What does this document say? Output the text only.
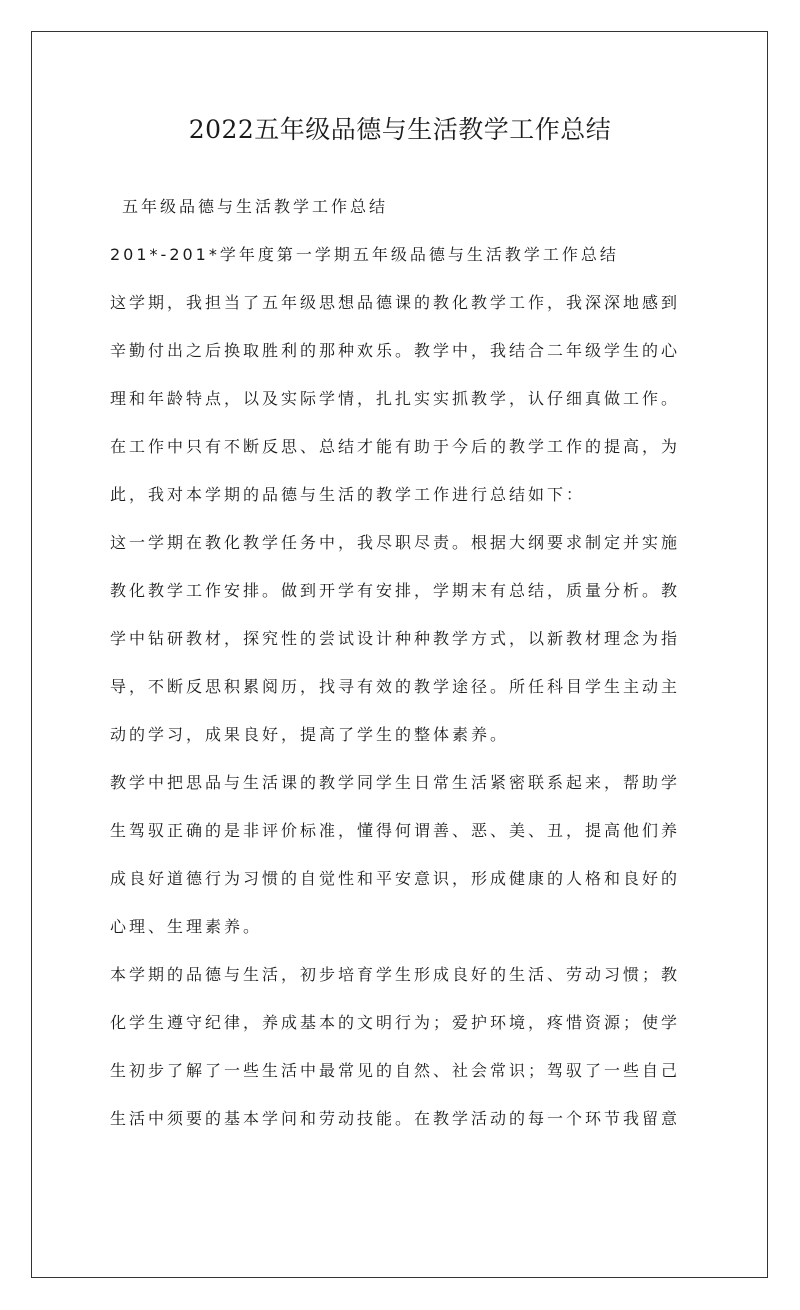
2022五年级品德与生活教学工作总结

五年级品德与生活教学工作总结

201*-201*学年度第一学期五年级品德与生活教学工作总结

这学期，我担当了五年级思想品德课的教化教学工作，我深深地感到

辛勤付出之后换取胜利的那种欢乐。教学中，我结合二年级学生的心

理和年龄特点，以及实际学情，扎扎实实抓教学，认仔细真做工作。

在工作中只有不断反思、总结才能有助于今后的教学工作的提高，为

此，我对本学期的品德与生活的教学工作进行总结如下：

这一学期在教化教学任务中，我尽职尽责。根据大纲要求制定并实施

教化教学工作安排。做到开学有安排，学期末有总结，质量分析。教

学中钻研教材，探究性的尝试设计种种教学方式，以新教材理念为指

导，不断反思积累阅历，找寻有效的教学途径。所任科目学生主动主

动的学习，成果良好，提高了学生的整体素养。

教学中把思品与生活课的教学同学生日常生活紧密联系起来，帮助学

生驾驭正确的是非评价标准，懂得何谓善、恶、美、丑，提高他们养

成良好道德行为习惯的自觉性和平安意识，形成健康的人格和良好的

心理、生理素养。

本学期的品德与生活，初步培育学生形成良好的生活、劳动习惯；教

化学生遵守纪律，养成基本的文明行为；爱护环境，疼惜资源；使学

生初步了解了一些生活中最常见的自然、社会常识；驾驭了一些自己

生活中须要的基本学问和劳动技能。在教学活动的每一个环节我留意
